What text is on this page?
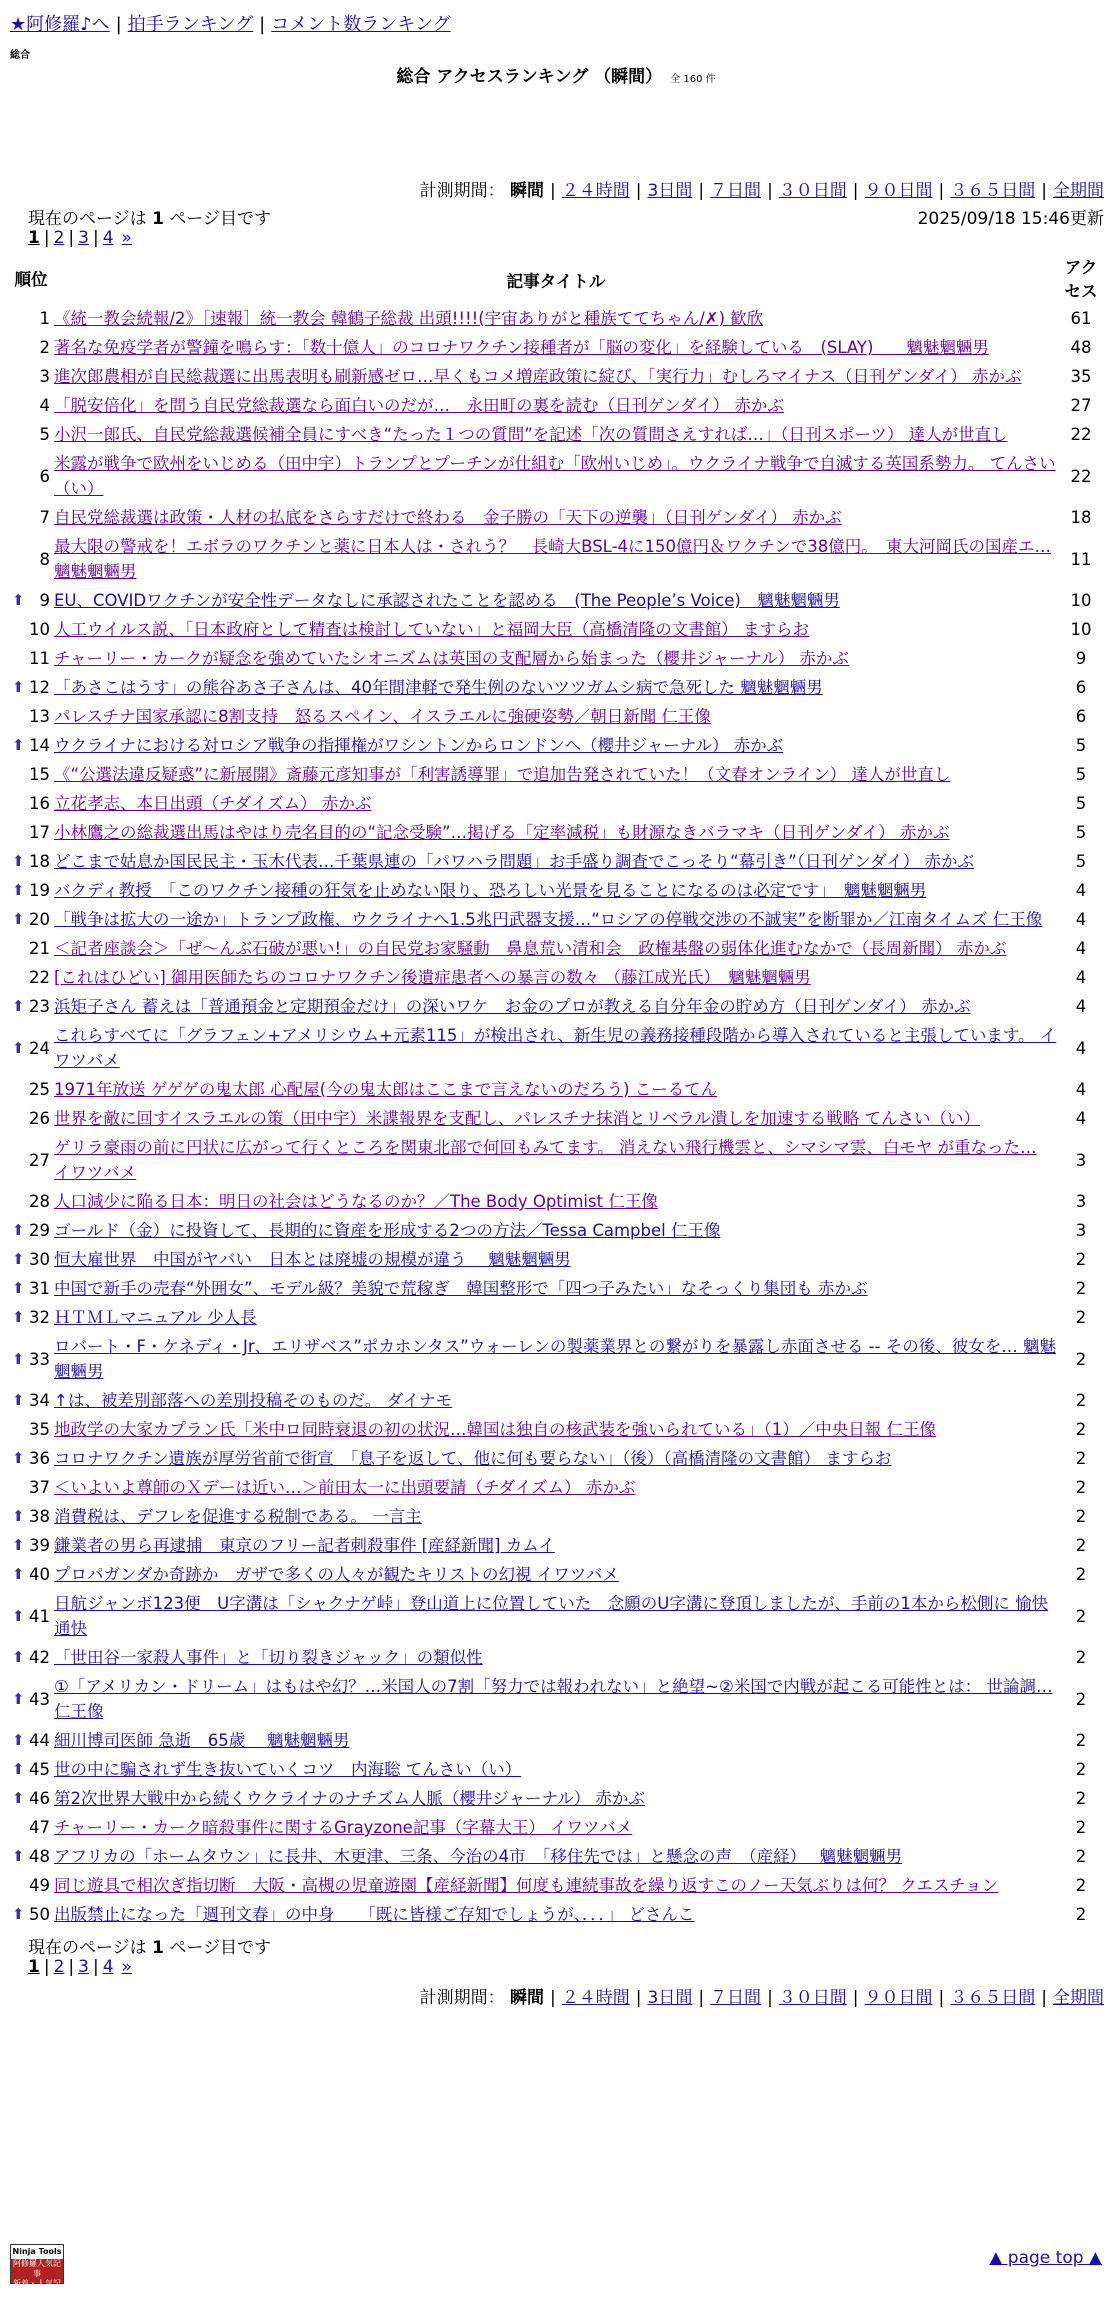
★阿修羅♪へ | 拍手ランキング | コメント数ランキング
総合
総合 アクセスランキング （瞬間） 全 160 件
計測期間： 瞬間 | ２４時間 | 3日間 | ７日間 | ３０日間 | ９０日間 | ３６５日間 | 全期間
現在のページは 1 ページ目です	2025/09/18 15:46更新
1 | 2 | 3 | 4 »
順位	記事タイトル	アクセス
1	《統一教会続報/2》［速報］統一教会 韓鶴子総裁 出頭!!!!(宇宙ありがと種族ててちゃん/✗) 歓欣	61
2	著名な免疫学者が警鐘を鳴らす：「数十億人」のコロナワクチン接種者が「脳の変化」を経験している　(SLAY)　　魑魅魍魎男	48
3	進次郎農相が自民総裁選に出馬表明も刷新感ゼロ…早くもコメ増産政策に綻び、「実行力」むしろマイナス（日刊ゲンダイ） 赤かぶ	35
4	「脱安倍化」を問う自民党総裁選なら面白いのだが…　永田町の裏を読む（日刊ゲンダイ） 赤かぶ	27
5	小沢一郎氏、自民党総裁選候補全員にすべき“たった１つの質問”を記述「次の質問さえすれば…」（日刊スポーツ） 達人が世直し	22
6	米露が戦争で欧州をいじめる（田中宇）トランプとプーチンが仕組む「欧州いじめ」。ウクライナ戦争で自滅する英国系勢力。 てんさい（い）	22
7	自民党総裁選は政策・人材の払底をさらすだけで終わる　金子勝の「天下の逆襲」（日刊ゲンダイ） 赤かぶ	18
8	最大限の警戒を！エボラのワクチンと薬に日本人は・されう？　長崎大BSL-4に150億円＆ワクチンで38億円。　東大河岡氏の国産エ… 魑魅魍魎男	11

⬆ 9	EU、COVIDワクチンが安全性データなしに承認されたことを認める　(The People’s Voice)　魑魅魍魎男	10
10	人工ウイルス説、「日本政府として精査は検討していない」と福岡大臣（高橋清隆の文書館） ますらお	10
11	チャーリー・カークが疑念を強めていたシオニズムは英国の支配層から始まった（櫻井ジャーナル） 赤かぶ	9

⬆ 12	「あさこはうす」の熊谷あさ子さんは、40年間津軽で発生例のないツツガムシ病で急死した 魑魅魍魎男	6
13	パレスチナ国家承認に8割支持　怒るスペイン、イスラエルに強硬姿勢／朝日新聞 仁王像	6

⬆ 14	ウクライナにおける対ロシア戦争の指揮権がワシントンからロンドンへ（櫻井ジャーナル） 赤かぶ	5
15	《“公選法違反疑惑”に新展開》斎藤元彦知事が「利害誘導罪」で追加告発されていた！（文春オンライン） 達人が世直し	5
16	立花孝志、本日出頭（チダイズム） 赤かぶ	5
17	小林鷹之の総裁選出馬はやはり売名目的の“記念受験”…掲げる「定率減税」も財源なきバラマキ（日刊ゲンダイ） 赤かぶ	5

⬆ 18	どこまで姑息か国民民主・玉木代表…千葉県連の「パワハラ問題」お手盛り調査でこっそり“幕引き”（日刊ゲンダイ） 赤かぶ	5

⬆ 19	バクディ教授　「このワクチン接種の狂気を止めない限り、恐ろしい光景を見ることになるのは必定です」　魑魅魍魎男	4

⬆ 20	「戦争は拡大の一途か」トランプ政権、ウクライナへ1.5兆円武器支援…“ロシアの停戦交渉の不誠実”を断罪か／江南タイムズ 仁王像	4
21	＜記者座談会＞「ぜ～んぶ石破が悪い!」の自民党お家騒動　鼻息荒い清和会　政権基盤の弱体化進むなかで（長周新聞） 赤かぶ	4
22	[これはひどい] 御用医師たちのコロナワクチン後遺症患者への暴言の数々 （藤江成光氏）　魑魅魍魎男	4

⬆ 23	浜矩子さん 蓄えは「普通預金と定期預金だけ」の深いワケ　お金のプロが教える自分年金の貯め方（日刊ゲンダイ） 赤かぶ	4

⬆ 24	これらすべてに「グラフェン+アメリシウム+元素115」が検出され、新生児の義務接種段階から導入されていると主張しています。 イワツバメ	4
25	1971年放送 ゲゲゲの鬼太郎 心配屋(今の鬼太郎はここまで言えないのだろう) こーるてん	4
26	世界を敵に回すイスラエルの策（田中宇）米諜報界を支配し、パレスチナ抹消とリベラル潰しを加速する戦略 てんさい（い）	4
27	ゲリラ豪雨の前に円状に広がって行くところを関東北部で何回もみてます。 消えない飛行機雲と、シマシマ雲、白モヤ が重なった… イワツバメ	3
28	人口減少に陥る日本：明日の社会はどうなるのか？／The Body Optimist 仁王像	3

⬆ 29	ゴールド（金）に投資して、長期的に資産を形成する2つの方法／Tessa Campbel 仁王像	3

⬆ 30	恒大雇世界　中国がヤバい　日本とは廃墟の規模が違う　 魑魅魍魎男	2

⬆ 31	中国で新手の売春“外囲女”、モデル級？美貌で荒稼ぎ　韓国整形で「四つ子みたい」なそっくり集団も 赤かぶ	2

⬆ 32	ＨＴＭＬマニュアル 少人長	2

⬆ 33	ロバート・F・ケネディ・Jr、エリザベス”ポカホンタス”ウォーレンの製薬業界との繋がりを暴露し赤面させる -- その後、彼女を… 魑魅魍魎男	2

⬆ 34	↑は、被差別部落への差別投稿そのものだ。 ダイナモ	2
35	地政学の大家カプラン氏「米中ロ同時衰退の初の状況…韓国は独自の核武装を強いられている」（1）／中央日報 仁王像	2

⬆ 36	コロナワクチン遺族が厚労省前で街宣　「息子を返して、他に何も要らない」（後）（高橋清隆の文書館） ますらお	2
37	＜いよいよ尊師のＸデーは近い…＞前田太一に出頭要請（チダイズム） 赤かぶ	2

⬆ 38	消費税は、デフレを促進する税制である。 一言主	2

⬆ 39	鎌業者の男ら再逮捕　東京のフリー記者刺殺事件 [産経新聞] カムイ	2

⬆ 40	プロパガンダか奇跡か　ガザで多くの人々が観たキリストの幻視 イワツバメ	2

⬆ 41	日航ジャンボ123便　U字溝は「シャクナゲ峠」登山道上に位置していた　念願のU字溝に登頂しましたが、手前の1本から松側に 愉快通快	2

⬆ 42	「世田谷一家殺人事件」と「切り裂きジャック」の類似性	2

⬆ 43	①「アメリカン・ドリーム」はもはや幻？…米国人の7割「努力では報われない」と絶望~②米国で内戦が起こる可能性とは： 世論調… 仁王像	2

⬆ 44	細川博司医師 急逝　65歳　 魑魅魍魎男	2

⬆ 45	世の中に騙されず生き抜いていくコツ　内海聡 てんさい（い）	2

⬆ 46	第2次世界大戦中から続くウクライナのナチズム人脈（櫻井ジャーナル） 赤かぶ	2
47	チャーリー・カーク暗殺事件に関するGrayzone記事（字幕大王） イワツバメ	2

⬆ 48	アフリカの「ホームタウン」に長井、木更津、三条、今治の4市　「移住先では」と懸念の声　（産経）　 魑魅魍魎男	2
49	同じ遊具で相次ぎ指切断　大阪・高槻の児童遊園【産経新聞】何度も連続事故を繰り返すこのノー天気ぶりは何？ クエスチョン	2

⬆ 50	出版禁止になった「週刊文春」の中身　　「既に皆様ご存知でしょうが、．．．」 どさんこ	2
現在のページは 1 ページ目です
1 | 2 | 3 | 4 »
計測期間： 瞬間 | ２４時間 | 3日間 | ７日間 | ３０日間 | ９０日間 | ３６５日間 | 全期間
Ninja Tools
阿修羅人気記事
新着・人気記事RSS
▲ page top ▲
